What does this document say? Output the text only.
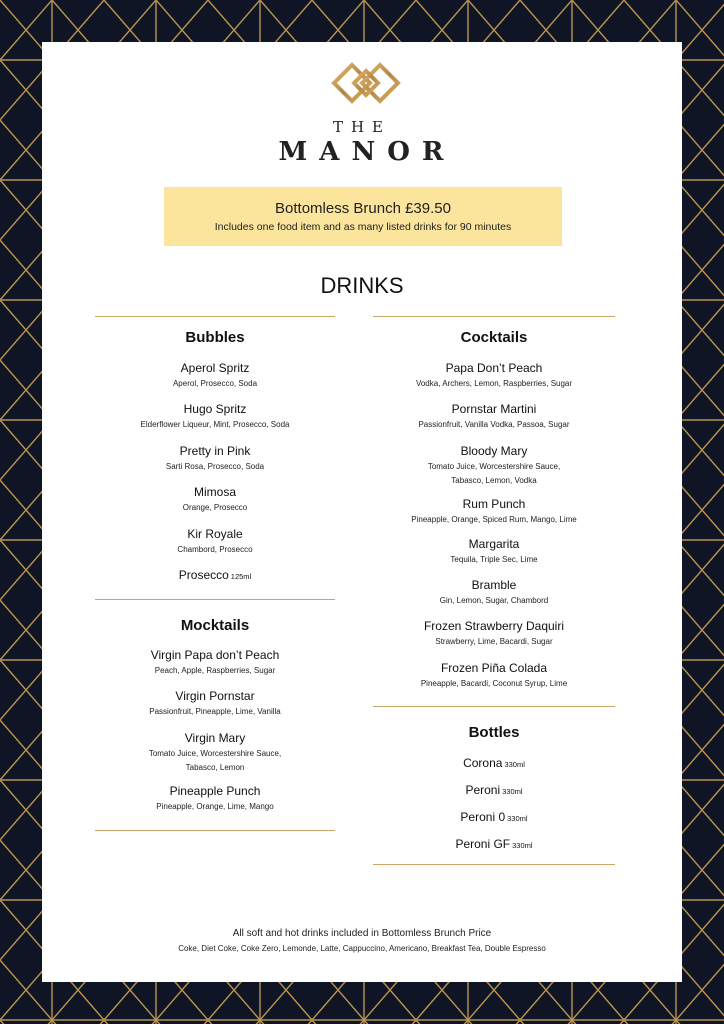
THE
MANOR
Bottomless Brunch £39.50
Includes one food item and as many listed drinks for 90 minutes
DRINKS
Bubbles
Aperol Spritz
Aperol, Prosecco, Soda
Hugo Spritz
Elderflower Liqueur, Mint, Prosecco, Soda
Pretty in Pink
Sarti Rosa, Prosecco, Soda
Mimosa
Orange, Prosecco
Kir Royale
Chambord, Prosecco
Prosecco 125ml
Mocktails
Virgin Papa don’t Peach
Peach, Apple, Raspberries, Sugar
Virgin Pornstar
Passionfruit, Pineapple, Lime, Vanilla
Virgin Mary
Tomato Juice, Worcestershire Sauce,
Tabasco, Lemon
Pineapple Punch
Pineapple, Orange, Lime, Mango
Cocktails
Papa Don’t Peach
Vodka, Archers, Lemon, Raspberries, Sugar
Pornstar Martini
Passionfruit, Vanilla Vodka, Passoa, Sugar
Bloody Mary
Tomato Juice, Worcestershire Sauce,
Tabasco, Lemon, Vodka
Rum Punch
Pineapple, Orange, Spiced Rum, Mango, Lime
Margarita
Tequila, Triple Sec, Lime
Bramble
Gin, Lemon, Sugar, Chambord
Frozen Strawberry Daquiri
Strawberry, Lime, Bacardi, Sugar
Frozen Piña Colada
Pineapple, Bacardi, Coconut Syrup, Lime
Bottles
Corona 330ml
Peroni 330ml
Peroni 0 330ml
Peroni GF 330ml
All soft and hot drinks included in Bottomless Brunch Price
Coke, Diet Coke, Coke Zero, Lemonde, Latte, Cappuccino, Americano, Breakfast Tea, Double Espresso
